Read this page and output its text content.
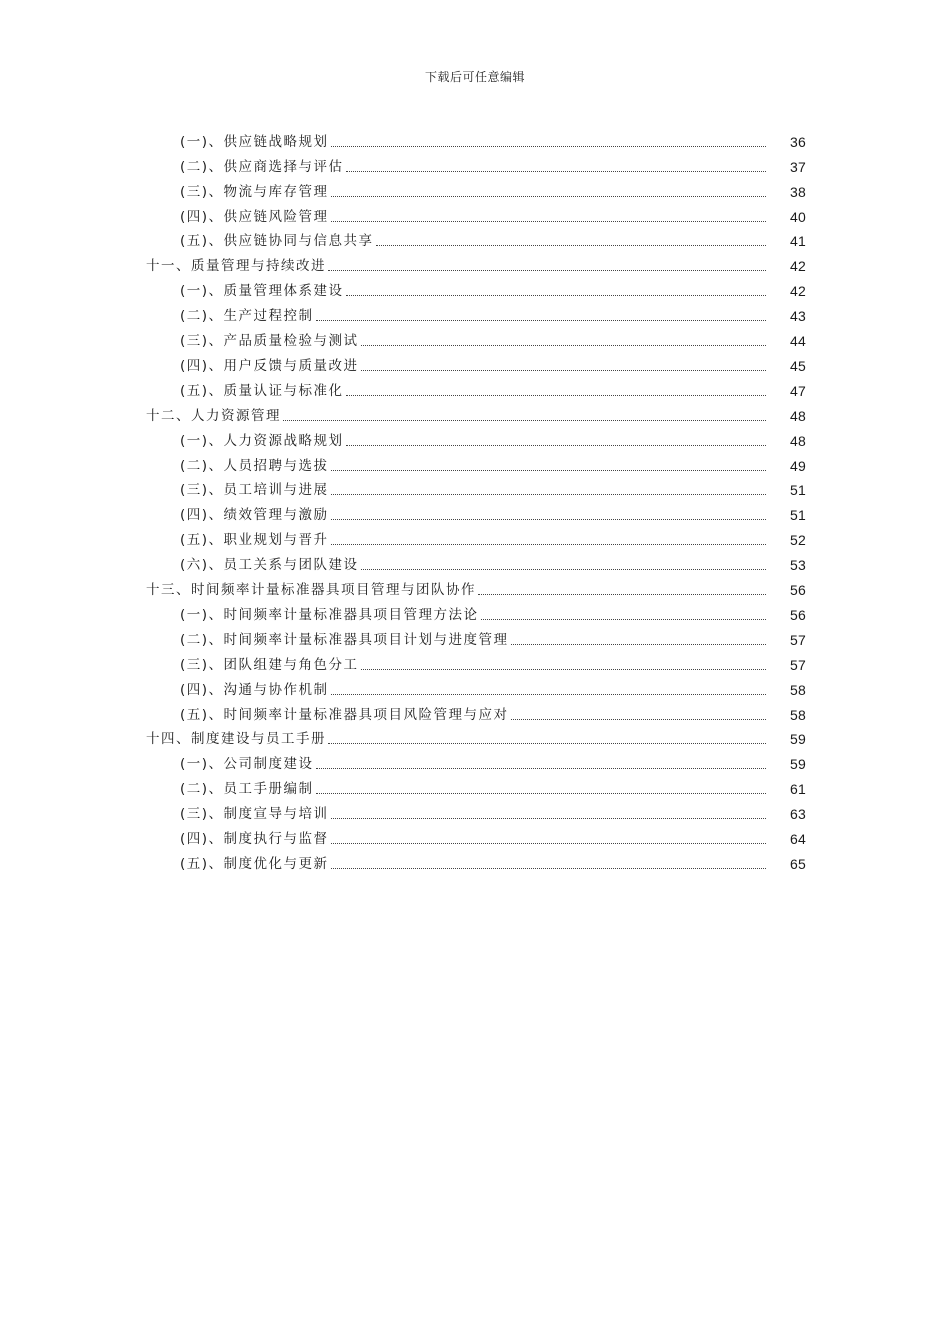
下载后可任意编辑
(一)、供应链战略规划	36
(二)、供应商选择与评估	37
(三)、物流与库存管理	38
(四)、供应链风险管理	40
(五)、供应链协同与信息共享	41
十一、质量管理与持续改进	42
(一)、质量管理体系建设	42
(二)、生产过程控制	43
(三)、产品质量检验与测试	44
(四)、用户反馈与质量改进	45
(五)、质量认证与标准化	47
十二、人力资源管理	48
(一)、人力资源战略规划	48
(二)、人员招聘与选拔	49
(三)、员工培训与进展	51
(四)、绩效管理与激励	51
(五)、职业规划与晋升	52
(六)、员工关系与团队建设	53
十三、时间频率计量标准器具项目管理与团队协作	56
(一)、时间频率计量标准器具项目管理方法论	56
(二)、时间频率计量标准器具项目计划与进度管理	57
(三)、团队组建与角色分工	57
(四)、沟通与协作机制	58
(五)、时间频率计量标准器具项目风险管理与应对	58
十四、制度建设与员工手册	59
(一)、公司制度建设	59
(二)、员工手册编制	61
(三)、制度宣导与培训	63
(四)、制度执行与监督	64
(五)、制度优化与更新	65
